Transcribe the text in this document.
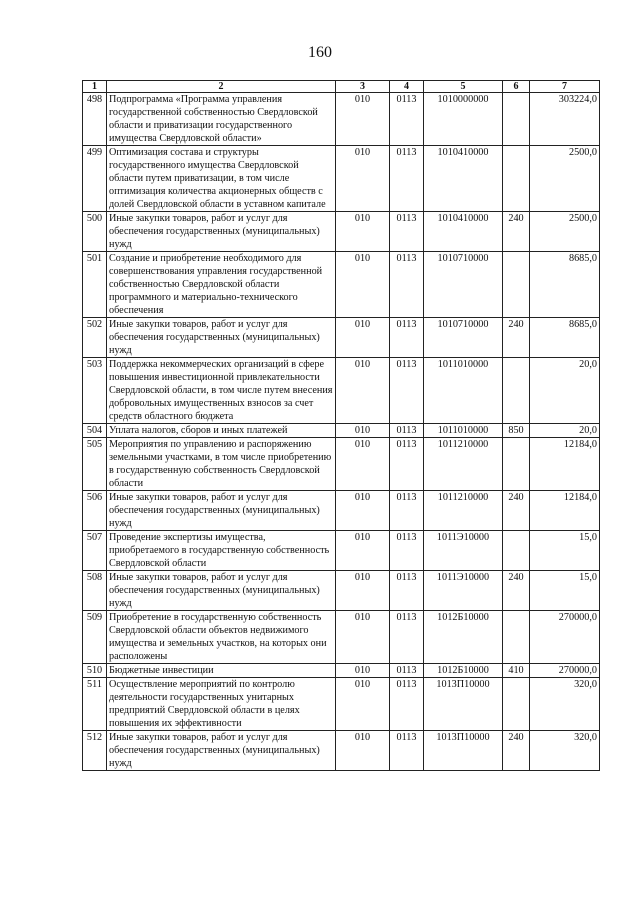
160
1	2	3	4	5	6	7
498	Подпрограмма «Программа управления государственной собственностью Свердловской области и приватизации государственного имущества Свердловской области»	010	0113	1010000000		303224,0
499	Оптимизация состава и структуры государственного имущества Свердловской области путем приватизации, в том числе оптимизация количества акционерных обществ с долей Свердловской области в уставном капитале	010	0113	1010410000		2500,0
500	Иные закупки товаров, работ и услуг для обеспечения государственных (муниципальных) нужд	010	0113	1010410000	240	2500,0
501	Создание и приобретение необходимого для совершенствования управления государственной собственностью Свердловской области программного и материально-технического обеспечения	010	0113	1010710000		8685,0
502	Иные закупки товаров, работ и услуг для обеспечения государственных (муниципальных) нужд	010	0113	1010710000	240	8685,0
503	Поддержка некоммерческих организаций в сфере повышения инвестиционной привлекательности Свердловской области, в том числе путем внесения добровольных имущественных взносов за счет средств областного бюджета	010	0113	1011010000		20,0
504	Уплата налогов, сборов и иных платежей	010	0113	1011010000	850	20,0
505	Мероприятия по управлению и распоряжению земельными участками, в том числе приобретению в государственную собственность Свердловской области	010	0113	1011210000		12184,0
506	Иные закупки товаров, работ и услуг для обеспечения государственных (муниципальных) нужд	010	0113	1011210000	240	12184,0
507	Проведение экспертизы имущества, приобретаемого в государственную собственность Свердловской области	010	0113	1011Э10000		15,0
508	Иные закупки товаров, работ и услуг для обеспечения государственных (муниципальных) нужд	010	0113	1011Э10000	240	15,0
509	Приобретение в государственную собственность Свердловской области объектов недвижимого имущества и земельных участков, на которых они расположены	010	0113	1012Б10000		270000,0
510	Бюджетные инвестиции	010	0113	1012Б10000	410	270000,0
511	Осуществление мероприятий по контролю деятельности государственных унитарных предприятий Свердловской области в целях повышения их эффективности	010	0113	1013П10000		320,0
512	Иные закупки товаров, работ и услуг для обеспечения государственных (муниципальных) нужд	010	0113	1013П10000	240	320,0
